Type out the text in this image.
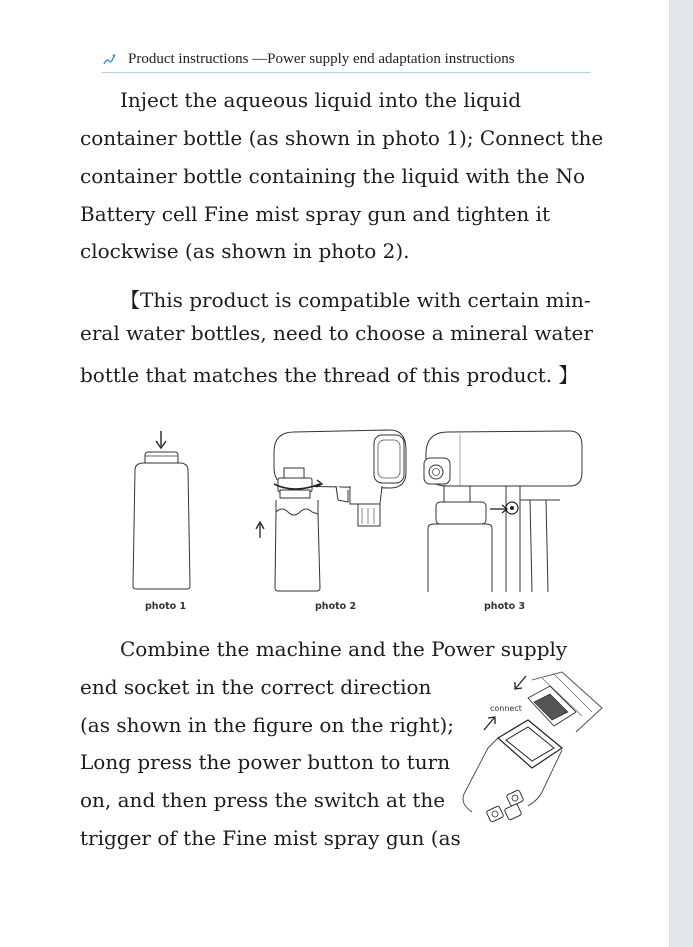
Product instructions —Power supply end adaptation instructions
Inject the aqueous liquid into the liquid
container bottle (as shown in photo 1); Connect the
container bottle containing the liquid with the No
Battery cell Fine mist spray gun and tighten it
clockwise (as shown in photo 2).
【This product is compatible with certain min-
eral water bottles, need to choose a mineral water
bottle that matches the thread of this product. 】
photo 1	photo 2	photo 3
Combine the machine and the Power supply
end socket in the correct direction
(as shown in the figure on the right);
Long press the power button to turn
on, and then press the switch at the
trigger of the Fine mist spray gun (as
connect
